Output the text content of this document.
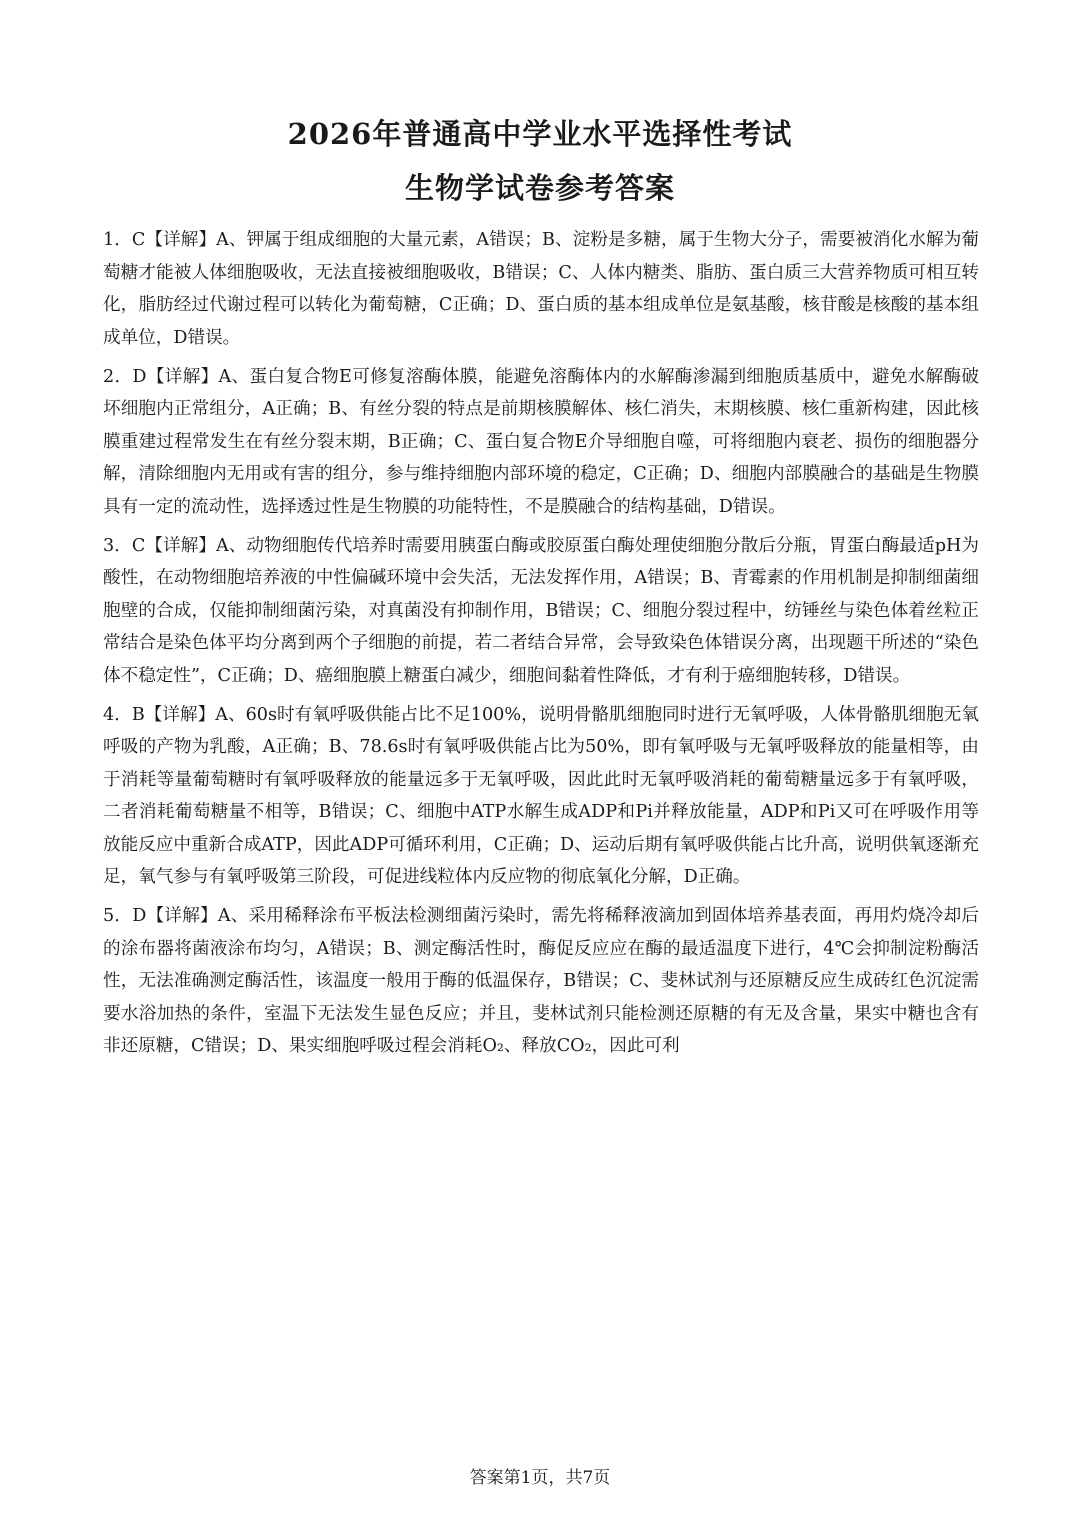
2026年普通高中学业水平选择性考试
生物学试卷参考答案

1．C【详解】A、钾属于组成细胞的大量元素，A错误；B、淀粉是多糖，属于生物大分子，需要被消化水解为葡萄糖才能被人体细胞吸收，无法直接被细胞吸收，B错误；C、人体内糖类、脂肪、蛋白质三大营养物质可相互转化，脂肪经过代谢过程可以转化为葡萄糖，C正确；D、蛋白质的基本组成单位是氨基酸，核苷酸是核酸的基本组成单位，D错误。

2．D【详解】A、蛋白复合物E可修复溶酶体膜，能避免溶酶体内的水解酶渗漏到细胞质基质中，避免水解酶破坏细胞内正常组分，A正确；B、有丝分裂的特点是前期核膜解体、核仁消失，末期核膜、核仁重新构建，因此核膜重建过程常发生在有丝分裂末期，B正确；C、蛋白复合物E介导细胞自噬，可将细胞内衰老、损伤的细胞器分解，清除细胞内无用或有害的组分，参与维持细胞内部环境的稳定，C正确；D、细胞内部膜融合的基础是生物膜具有一定的流动性，选择透过性是生物膜的功能特性，不是膜融合的结构基础，D错误。

3．C【详解】A、动物细胞传代培养时需要用胰蛋白酶或胶原蛋白酶处理使细胞分散后分瓶，胃蛋白酶最适pH为酸性，在动物细胞培养液的中性偏碱环境中会失活，无法发挥作用，A错误；B、青霉素的作用机制是抑制细菌细胞壁的合成，仅能抑制细菌污染，对真菌没有抑制作用，B错误；C、细胞分裂过程中，纺锤丝与染色体着丝粒正常结合是染色体平均分离到两个子细胞的前提，若二者结合异常，会导致染色体错误分离，出现题干所述的“染色体不稳定性”，C正确；D、癌细胞膜上糖蛋白减少，细胞间黏着性降低，才有利于癌细胞转移，D错误。

4．B【详解】A、60s时有氧呼吸供能占比不足100%，说明骨骼肌细胞同时进行无氧呼吸，人体骨骼肌细胞无氧呼吸的产物为乳酸，A正确；B、78.6s时有氧呼吸供能占比为50%，即有氧呼吸与无氧呼吸释放的能量相等，由于消耗等量葡萄糖时有氧呼吸释放的能量远多于无氧呼吸，因此此时无氧呼吸消耗的葡萄糖量远多于有氧呼吸，二者消耗葡萄糖量不相等，B错误；C、细胞中ATP水解生成ADP和Pi并释放能量，ADP和Pi又可在呼吸作用等放能反应中重新合成ATP，因此ADP可循环利用，C正确；D、运动后期有氧呼吸供能占比升高，说明供氧逐渐充足，氧气参与有氧呼吸第三阶段，可促进线粒体内反应物的彻底氧化分解，D正确。

5．D【详解】A、采用稀释涂布平板法检测细菌污染时，需先将稀释液滴加到固体培养基表面，再用灼烧冷却后的涂布器将菌液涂布均匀，A错误；B、测定酶活性时，酶促反应应在酶的最适温度下进行，4℃会抑制淀粉酶活性，无法准确测定酶活性，该温度一般用于酶的低温保存，B错误；C、斐林试剂与还原糖反应生成砖红色沉淀需要水浴加热的条件，室温下无法发生显色反应；并且，斐林试剂只能检测还原糖的有无及含量，果实中糖也含有非还原糖，C错误；D、果实细胞呼吸过程会消耗O₂、释放CO₂，因此可利

答案第1页，共7页
